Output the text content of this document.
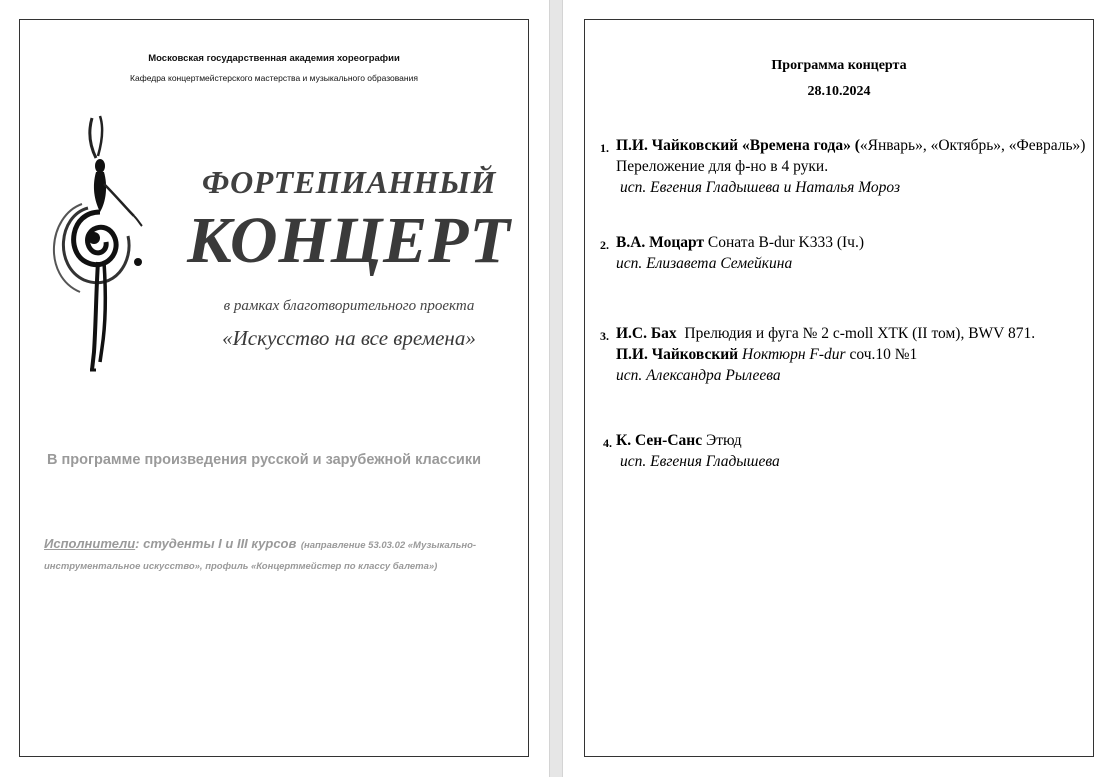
Московская государственная академия хореографии
Кафедра концертмейстерского мастерства и музыкального образования
ФОРТЕПИАННЫЙ
КОНЦЕРТ
в рамках благотворительного проекта
«Искусство на все времена»
В программе произведения русской и зарубежной классики
Исполнители: студенты I и III курсов (направление 53.03.02 «Музыкально-инструментальное искусство», профиль «Концертмейстер по классу балета»)
Программа концерта
28.10.2024
1. П.И. Чайковский «Времена года» («Январь», «Октябрь», «Февраль») Переложение для ф-но в 4 руки.
исп. Евгения Гладышева и Наталья Мороз
2. В.А. Моцарт Соната B-dur K333 (Iч.)
исп. Елизавета Семейкина
3. И.С. Бах  Прелюдия и фуга № 2 c-moll ХТК (II том), BWV 871.
П.И. Чайковский Ноктюрн F-dur соч.10 №1
исп. Александра Рылеева
4. К. Сен-Санс Этюд
исп. Евгения Гладышева
